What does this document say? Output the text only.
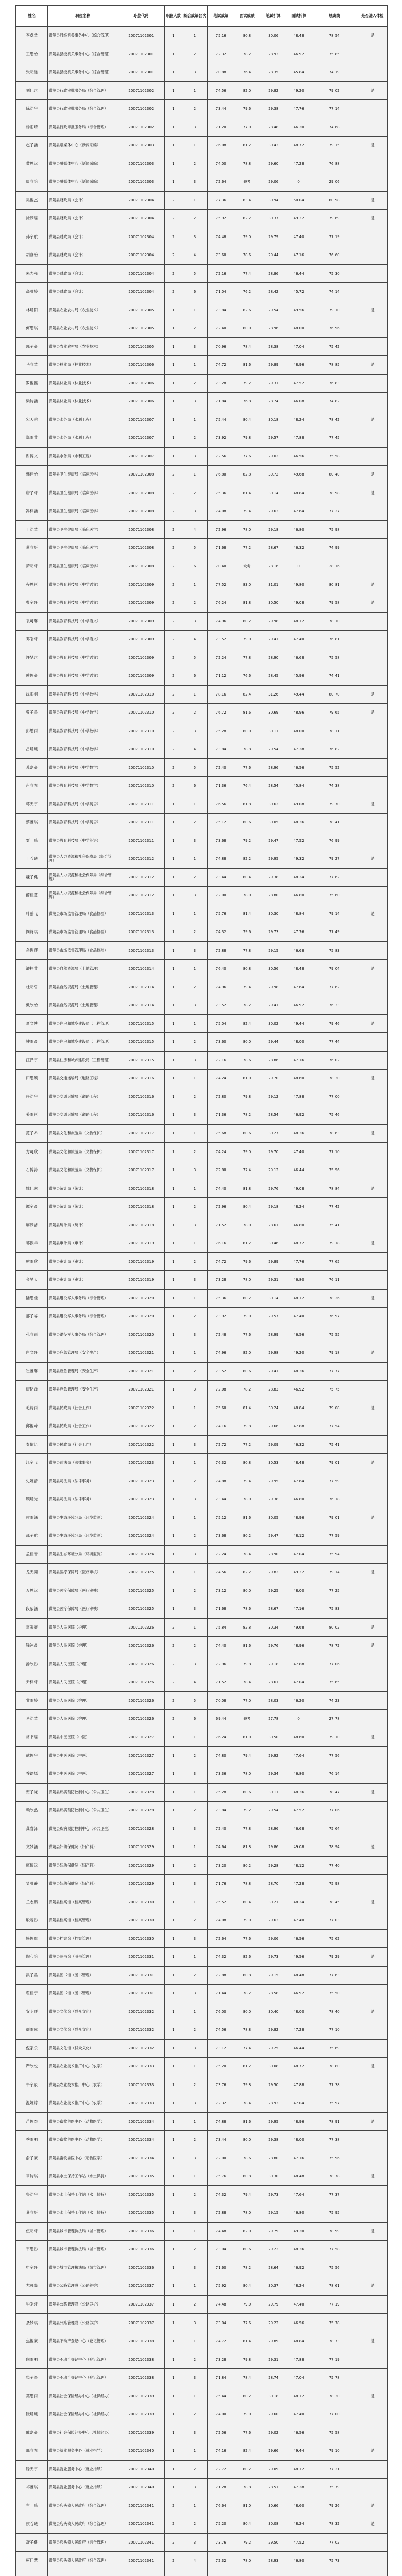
姓名	职位名称	职位代码	职位人数	综合成绩名次	笔试成绩	面试成绩	笔试折算	面试折算	总成绩	是否进入体检
李卓然	黄陵县县级机关事务中心（综合管理）	20071102301	1	1	75.16	80.8	30.06	48.48	78.54	是
王思怡	黄陵县县级机关事务中心（综合管理）	20071102301	1	2	72.32	78.2	28.93	46.92	75.85	
张明远	黄陵县县级机关事务中心（综合管理）	20071102301	1	3	70.88	76.4	28.35	45.84	74.19	
刘佳琪	黄陵县行政审批服务局（综合管理）	20071102302	1	1	74.56	82.0	29.82	49.20	79.02	是
陈浩宇	黄陵县行政审批服务局（综合管理）	20071102302	1	2	73.44	79.6	29.38	47.76	77.14	
杨雨晴	黄陵县行政审批服务局（综合管理）	20071102302	1	3	71.20	77.0	28.48	46.20	74.68	
赵子涵	黄陵县融媒体中心（新闻采编）	20071102303	1	1	76.08	81.2	30.43	48.72	79.15	是
黄思远	黄陵县融媒体中心（新闻采编）	20071102303	1	2	74.00	78.8	29.60	47.28	76.88	
周欣怡	黄陵县融媒体中心（新闻采编）	20071102303	1	3	72.64	缺考	29.06	0	29.06	
吴俊杰	黄陵县财政局（会计）	20071102304	2	1	77.36	83.4	30.94	50.04	80.98	是
徐梦瑶	黄陵县财政局（会计）	20071102304	2	2	75.92	82.2	30.37	49.32	79.69	是
孙宇航	黄陵县财政局（会计）	20071102304	2	3	74.48	79.0	29.79	47.40	77.19	
胡嘉怡	黄陵县财政局（会计）	20071102304	2	4	73.60	78.6	29.44	47.16	76.60	
朱志强	黄陵县财政局（会计）	20071102304	2	5	72.16	77.4	28.86	46.44	75.30	
高雅婷	黄陵县财政局（会计）	20071102304	2	6	71.04	76.2	28.42	45.72	74.14	
林晨阳	黄陵县农业农村局（农业技术）	20071102305	1	1	73.84	82.6	29.54	49.56	79.10	是
何思琪	黄陵县农业农村局（农业技术）	20071102305	1	2	72.40	80.0	28.96	48.00	76.96	
郭子豪	黄陵县农业农村局（农业技术）	20071102305	1	3	70.96	78.4	28.38	47.04	75.42	
马欣然	黄陵县林业局（林业技术）	20071102306	1	1	74.72	81.6	29.89	48.96	78.85	是
罗俊熙	黄陵县林业局（林业技术）	20071102306	1	2	73.28	79.2	29.31	47.52	76.83	
梁诗涵	黄陵县林业局（林业技术）	20071102306	1	3	71.84	76.8	28.74	46.08	74.82	
宋天佑	黄陵县水务局（水利工程）	20071102307	1	1	75.44	80.4	30.18	48.24	78.42	是
郑雨萱	黄陵县水务局（水利工程）	20071102307	1	2	73.92	79.8	29.57	47.88	77.45	
谢博文	黄陵县水务局（水利工程）	20071102307	1	3	72.56	77.6	29.02	46.56	75.58	
韩佳怡	黄陵县卫生健康局（临床医学）	20071102308	2	1	76.80	82.8	30.72	49.68	80.40	是
唐子轩	黄陵县卫生健康局（临床医学）	20071102308	2	2	75.36	81.4	30.14	48.84	78.98	是
冯梓涵	黄陵县卫生健康局（临床医学）	20071102308	2	3	74.08	79.4	29.63	47.64	77.27	
于浩然	黄陵县卫生健康局（临床医学）	20071102308	2	4	72.96	78.0	29.18	46.80	75.98	
董欣妍	黄陵县卫生健康局（临床医学）	20071102308	2	5	71.68	77.2	28.67	46.32	74.99	
萧明轩	黄陵县卫生健康局（临床医学）	20071102308	2	6	70.40	缺考	28.16	0	28.16	
程思彤	黄陵县教育科技局（中学语文）	20071102309	2	1	77.52	83.0	31.01	49.80	80.81	是
曹宇轩	黄陵县教育科技局（中学语文）	20071102309	2	2	76.24	81.8	30.50	49.08	79.58	是
袁可馨	黄陵县教育科技局（中学语文）	20071102309	2	3	74.96	80.2	29.98	48.12	78.10	
邓皓轩	黄陵县教育科技局（中学语文）	20071102309	2	4	73.52	79.0	29.41	47.40	76.81	
许梦琪	黄陵县教育科技局（中学语文）	20071102309	2	5	72.24	77.8	28.90	46.68	75.58	
傅俊豪	黄陵县教育科技局（中学语文）	20071102309	2	6	71.12	76.6	28.45	45.96	74.41	
沈雨桐	黄陵县教育科技局（中学数学）	20071102310	2	1	78.16	82.4	31.26	49.44	80.70	是
曾子墨	黄陵县教育科技局（中学数学）	20071102310	2	2	76.72	81.6	30.69	48.96	79.65	是
彭思雨	黄陵县教育科技局（中学数学）	20071102310	2	3	75.28	80.0	30.11	48.00	78.11	
吕晨曦	黄陵县教育科技局（中学数学）	20071102310	2	4	73.84	78.8	29.54	47.28	76.82	
苏嘉豪	黄陵县教育科技局（中学数学）	20071102310	2	5	72.40	77.6	28.96	46.56	75.52	
卢欣悦	黄陵县教育科技局（中学数学）	20071102310	2	6	71.36	76.4	28.54	45.84	74.38	
蒋天宇	黄陵县教育科技局（中学英语）	20071102311	1	1	76.56	81.8	30.62	49.08	79.70	是
蔡雅琪	黄陵县教育科技局（中学英语）	20071102311	1	2	75.12	80.6	30.05	48.36	78.41	
贾一鸣	黄陵县教育科技局（中学英语）	20071102311	1	3	73.68	79.2	29.47	47.52	76.99	
丁若曦	黄陵县人力资源和社会保障局（综合管理）	20071102312	1	1	74.88	82.2	29.95	49.32	79.27	是
魏子健	黄陵县人力资源和社会保障局（综合管理）	20071102312	1	2	73.44	80.4	29.38	48.24	77.62	
薛佳慧	黄陵县人力资源和社会保障局（综合管理）	20071102312	1	3	72.00	78.0	28.80	46.80	75.60	
叶鹏飞	黄陵县市场监督管理局（食品检验）	20071102313	1	1	75.76	81.4	30.30	48.84	79.14	是
阎诗琪	黄陵县市场监督管理局（食品检验）	20071102313	1	2	74.32	79.6	29.73	47.76	77.49	
余俊辉	黄陵县市场监督管理局（食品检验）	20071102313	1	3	72.88	77.8	29.15	46.68	75.83	
潘梓萱	黄陵县自然资源局（土地管理）	20071102314	1	1	76.40	80.8	30.56	48.48	79.04	是
杜明哲	黄陵县自然资源局（土地管理）	20071102314	1	2	74.96	79.4	29.98	47.64	77.62	
戴欣怡	黄陵县自然资源局（土地管理）	20071102314	1	3	73.52	78.2	29.41	46.92	76.33	
夏文博	黄陵县住房和城乡建设局（工程管理）	20071102315	1	1	75.04	82.4	30.02	49.44	79.46	是
钟雨晨	黄陵县住房和城乡建设局（工程管理）	20071102315	1	2	73.60	80.0	29.44	48.00	77.44	
汪泽宇	黄陵县住房和城乡建设局（工程管理）	20071102315	1	3	72.16	78.6	28.86	47.16	76.02	
田思颖	黄陵县交通运输局（道路工程）	20071102316	1	1	74.24	81.0	29.70	48.60	78.30	是
任浩宇	黄陵县交通运输局（道路工程）	20071102316	1	2	72.80	79.8	29.12	47.88	77.00	
姜雨彤	黄陵县交通运输局（道路工程）	20071102316	1	3	71.36	78.2	28.54	46.92	75.46	
范子昂	黄陵县文化和旅游局（文物保护）	20071102317	1	1	75.68	80.6	30.27	48.36	78.63	是
方可欣	黄陵县文化和旅游局（文物保护）	20071102317	1	2	74.24	79.0	29.70	47.40	77.10	
石博涛	黄陵县文化和旅游局（文物保护）	20071102317	1	3	72.80	77.4	29.12	46.44	75.56	
姚佳琳	黄陵县统计局（统计）	20071102318	1	1	74.40	81.8	29.76	49.08	78.84	是
谭宇晨	黄陵县统计局（统计）	20071102318	1	2	72.96	80.4	29.18	48.24	77.42	
廖梦洁	黄陵县统计局（统计）	20071102318	1	3	71.52	78.0	28.61	46.80	75.41	
邹振华	黄陵县审计局（审计）	20071102319	1	1	76.16	81.2	30.46	48.72	79.18	是
熊雨欣	黄陵县审计局（审计）	20071102319	1	2	74.72	79.6	29.89	47.76	77.65	
金昊天	黄陵县审计局（审计）	20071102319	1	3	73.28	78.0	29.31	46.80	76.11	
陆思佳	黄陵县退役军人事务局（综合管理）	20071102320	1	1	75.36	80.2	30.14	48.12	78.26	是
郝子睿	黄陵县退役军人事务局（综合管理）	20071102320	1	2	73.92	79.0	29.57	47.40	76.97	
孔欣雨	黄陵县退役军人事务局（综合管理）	20071102320	1	3	72.48	77.6	28.99	46.56	75.55	
白文轩	黄陵县应急管理局（安全生产）	20071102321	1	1	74.96	82.0	29.98	49.20	79.18	是
崔雅馨	黄陵县应急管理局（安全生产）	20071102321	1	2	73.52	80.6	29.41	48.36	77.77	
康铭泽	黄陵县应急管理局（安全生产）	20071102321	1	3	72.08	78.2	28.83	46.92	75.75	
毛诗雨	黄陵县民政局（社会工作）	20071102322	1	1	75.60	81.4	30.24	48.84	79.08	是
邱俊峰	黄陵县民政局（社会工作）	20071102322	1	2	74.16	79.8	29.66	47.88	77.54	
秦依诺	黄陵县民政局（社会工作）	20071102322	1	3	72.72	77.2	29.09	46.32	75.41	
江宇飞	黄陵县司法局（法律事务）	20071102323	1	1	76.32	80.8	30.53	48.48	79.01	是
史婉清	黄陵县司法局（法律事务）	20071102323	1	2	74.88	79.4	29.95	47.64	77.59	
顾晨光	黄陵县司法局（法律事务）	20071102323	1	3	73.44	78.0	29.38	46.80	76.18	
侯雨涵	黄陵县生态环境分局（环境监测）	20071102324	1	1	75.12	81.6	30.05	48.96	79.01	是
邵子航	黄陵县生态环境分局（环境监测）	20071102324	1	2	73.68	80.2	29.47	48.12	77.59	
孟佳音	黄陵县生态环境分局（环境监测）	20071102324	1	3	72.24	78.4	28.90	47.04	75.94	
龙天翔	黄陵县医疗保障局（医疗审核）	20071102325	1	1	74.56	82.2	29.82	49.32	79.14	是
万思远	黄陵县医疗保障局（医疗审核）	20071102325	1	2	73.12	80.0	29.25	48.00	77.25	
段紫涵	黄陵县医疗保障局（医疗审核）	20071102325	1	3	71.68	78.6	28.67	47.16	75.83	
雷家豪	黄陵县人民医院（护理）	20071102326	2	1	75.84	82.8	30.34	49.68	80.02	是
钱沐晨	黄陵县人民医院（护理）	20071102326	2	2	74.40	81.6	29.76	48.96	78.72	是
汤欣彤	黄陵县人民医院（护理）	20071102326	2	3	72.96	79.8	29.18	47.88	77.06	
尹梓轩	黄陵县人民医院（护理）	20071102326	2	4	71.52	78.4	28.61	47.04	75.65	
黎雨婷	黄陵县人民医院（护理）	20071102326	2	5	70.08	77.0	28.03	46.20	74.23	
易浩然	黄陵县人民医院（护理）	20071102326	2	6	69.44	缺考	27.78	0	27.78	
常书瑶	黄陵县中医医院（中医）	20071102327	1	1	76.24	81.0	30.50	48.60	79.10	是
武俊宇	黄陵县中医医院（中医）	20071102327	1	2	74.80	79.4	29.92	47.64	77.56	
乔语嫣	黄陵县中医医院（中医）	20071102327	1	3	73.36	78.0	29.34	46.80	76.14	
贺子谦	黄陵县疾病预防控制中心（公共卫生）	20071102328	1	1	75.28	80.6	30.11	48.36	78.47	是
赖欣然	黄陵县疾病预防控制中心（公共卫生）	20071102328	1	2	73.84	79.2	29.54	47.52	77.06	
龚睿泽	黄陵县疾病预防控制中心（公共卫生）	20071102328	1	3	72.40	77.8	28.96	46.68	75.64	
文梦涵	黄陵县妇幼保健院（妇产科）	20071102329	1	1	74.64	81.8	29.86	49.08	78.94	是
庞博远	黄陵县妇幼保健院（妇产科）	20071102329	1	2	73.20	80.2	29.28	48.12	77.40	
樊雅静	黄陵县妇幼保健院（妇产科）	20071102329	1	3	71.76	78.8	28.70	47.28	75.98	
兰志鹏	黄陵县档案馆（档案管理）	20071102330	1	1	75.52	80.4	30.21	48.24	78.45	是
殷若彤	黄陵县档案馆（档案管理）	20071102330	1	2	74.08	79.0	29.63	47.40	77.03	
施俊熙	黄陵县档案馆（档案管理）	20071102330	1	3	72.64	77.6	29.06	46.56	75.62	
陶心怡	黄陵县图书馆（图书管理）	20071102331	1	1	74.32	82.6	29.73	49.56	79.29	是
洪子墨	黄陵县图书馆（图书管理）	20071102331	1	2	72.88	80.8	29.15	48.48	77.63	
翟佳宁	黄陵县图书馆（图书管理）	20071102331	1	3	71.44	78.2	28.58	46.92	75.50	
安明辉	黄陵县文化馆（群众文化）	20071102332	1	1	76.00	80.0	30.40	48.00	78.40	是
颜雨露	黄陵县文化馆（群众文化）	20071102332	1	2	74.56	78.8	29.82	47.28	77.10	
倪家乐	黄陵县文化馆（群众文化）	20071102332	1	3	73.12	77.4	29.25	46.44	75.69	
严欣悦	黄陵县农业技术推广中心（农学）	20071102333	1	1	75.20	81.2	30.08	48.72	78.80	是
牛宇辰	黄陵县农业技术推广中心（农学）	20071102333	1	2	73.76	79.8	29.50	47.88	77.38	
温婉婷	黄陵县农业技术推广中心（农学）	20071102333	1	3	72.32	78.4	28.93	47.04	75.97	
芦俊杰	黄陵县畜牧兽医中心（动物医学）	20071102334	1	1	74.88	81.6	29.95	48.96	78.91	是
季雨桐	黄陵县畜牧兽医中心（动物医学）	20071102334	1	2	73.44	80.0	29.38	48.00	77.38	
俞子豪	黄陵县畜牧兽医中心（动物医学）	20071102334	1	3	72.00	78.6	28.80	47.16	75.96	
章诗琪	黄陵县水土保持工作站（水土保持）	20071102335	1	1	75.76	80.8	30.30	48.48	78.78	是
鲁浩宇	黄陵县水土保持工作站（水土保持）	20071102335	1	2	74.32	79.4	29.73	47.64	77.37	
葛欣妍	黄陵县水土保持工作站（水土保持）	20071102335	1	3	72.88	78.0	29.15	46.80	75.95	
伍明轩	黄陵县城市管理执法局（城市管理）	20071102336	1	1	74.48	82.0	29.79	49.20	78.99	是
韦思彤	黄陵县城市管理执法局（城市管理）	20071102336	1	2	73.04	80.6	29.22	48.36	77.58	
申宇轩	黄陵县城市管理执法局（城市管理）	20071102336	1	3	71.60	78.2	28.64	46.92	75.56	
尤可馨	黄陵县公路管理段（公路养护）	20071102337	1	1	75.92	80.4	30.37	48.24	78.61	是
毕皓轩	黄陵县公路管理段（公路养护）	20071102337	1	2	74.48	79.0	29.79	47.40	77.19	
聂梦琪	黄陵县公路管理段（公路养护）	20071102337	1	3	73.04	77.6	29.22	46.56	75.78	
焦俊豪	黄陵县不动产登记中心（登记管理）	20071102338	1	1	74.72	81.4	29.89	48.84	78.73	是
向雨桐	黄陵县不动产登记中心（登记管理）	20071102338	1	2	73.28	79.8	29.31	47.88	77.19	
柴子墨	黄陵县不动产登记中心（登记管理）	20071102338	1	3	71.84	78.4	28.74	47.04	75.78	
莫思雨	黄陵县社会保险经办中心（社保经办）	20071102339	1	1	75.44	80.2	30.18	48.12	78.30	是
阮晨曦	黄陵县社会保险经办中心（社保经办）	20071102339	1	2	74.00	79.0	29.60	47.40	77.00	
戚嘉豪	黄陵县社会保险经办中心（社保经办）	20071102339	1	3	72.56	77.6	29.02	46.56	75.58	
邢欣悦	黄陵县就业服务中心（就业指导）	20071102340	1	1	74.16	82.4	29.66	49.44	79.10	是
滕天宇	黄陵县就业服务中心（就业指导）	20071102340	1	2	72.72	80.2	29.09	48.12	77.21	
祁雅琪	黄陵县就业服务中心（就业指导）	20071102340	1	3	71.28	78.8	28.51	47.28	75.79	
车一鸣	黄陵县店头镇人民政府（综合管理）	20071102341	2	1	76.64	81.0	30.66	48.60	79.26	是
侯若曦	黄陵县店头镇人民政府（综合管理）	20071102341	2	2	75.20	80.4	30.08	48.24	78.32	是
舒子健	黄陵县店头镇人民政府（综合管理）	20071102341	2	3	73.76	79.2	29.50	47.52	77.02	
柯佳慧	黄陵县店头镇人民政府（综合管理）	20071102341	2	4	72.32	78.0	28.93	46.80	75.73	
